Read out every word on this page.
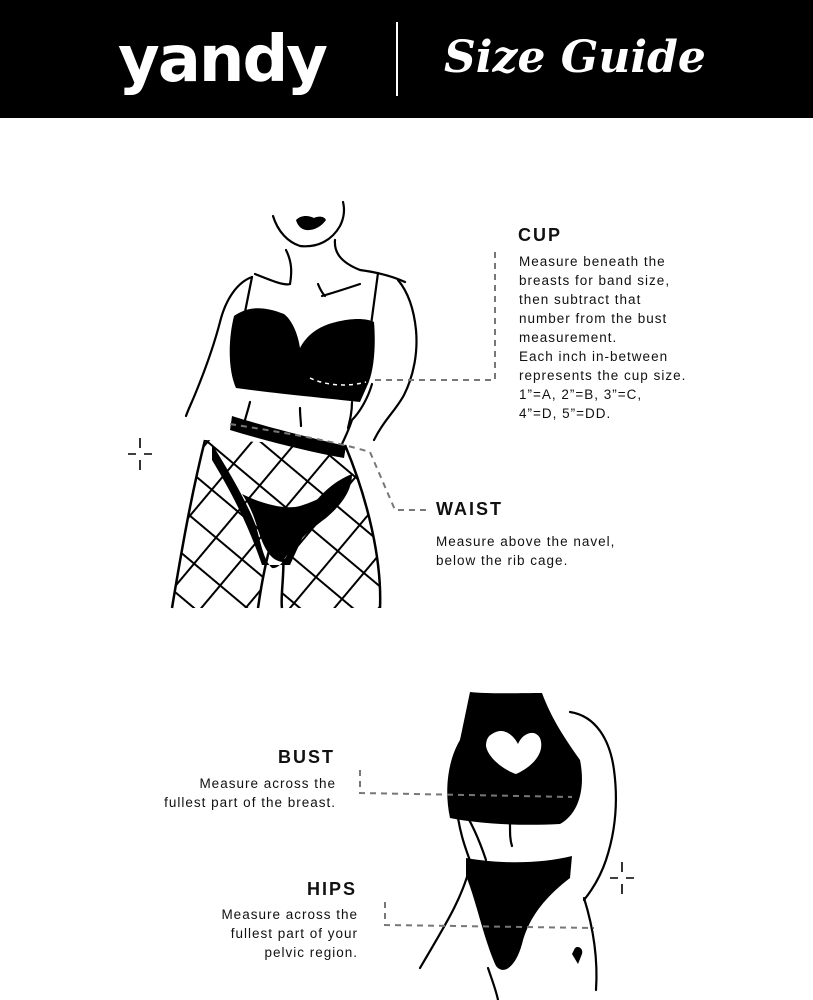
yandy	Size Guide
CUP
Measure beneath the
breasts for band size,
then subtract that
number from the bust
measurement.
Each inch in-between
represents the cup size.
1”=A, 2”=B, 3”=C,
4”=D, 5”=DD.
WAIST
Measure above the navel,
below the rib cage.
BUST
Measure across the
fullest part of the breast.
HIPS
Measure across the
fullest part of your
pelvic region.
